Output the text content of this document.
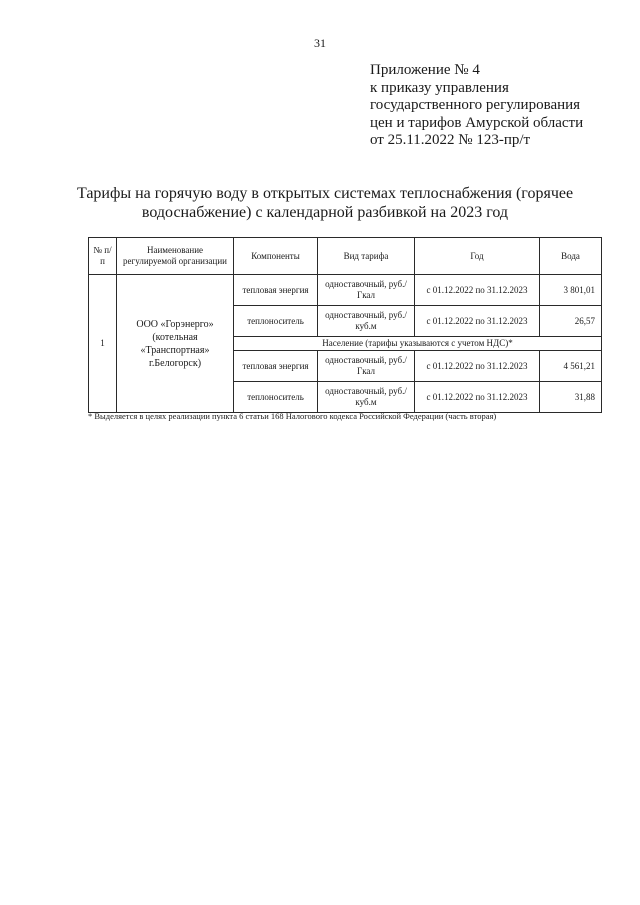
31
Приложение № 4
к приказу управления
государственного регулирования
цен и тарифов Амурской области
от 25.11.2022 № 123-пр/т
Тарифы на горячую воду в открытых системах теплоснабжения (горячее
водоснабжение) с календарной разбивкой на 2023 год
№ п/п	Наименование регулируемой организации	Компоненты	Вид тарифа	Год	Вода
1	ООО «Горэнерго» (котельная «Транспортная» г.Белогорск)	тепловая энергия	одноставочный, руб./Гкал	с 01.12.2022 по 31.12.2023	3 801,01
		теплоноситель	одноставочный, руб./куб.м	с 01.12.2022 по 31.12.2023	26,57
		Население (тарифы указываются с учетом НДС)*			
		тепловая энергия	одноставочный, руб./Гкал	с 01.12.2022 по 31.12.2023	4 561,21
		теплоноситель	одноставочный, руб./куб.м	с 01.12.2022 по 31.12.2023	31,88
* Выделяется в целях реализации пункта 6 статьи 168 Налогового кодекса Российской Федерации (часть вторая)
